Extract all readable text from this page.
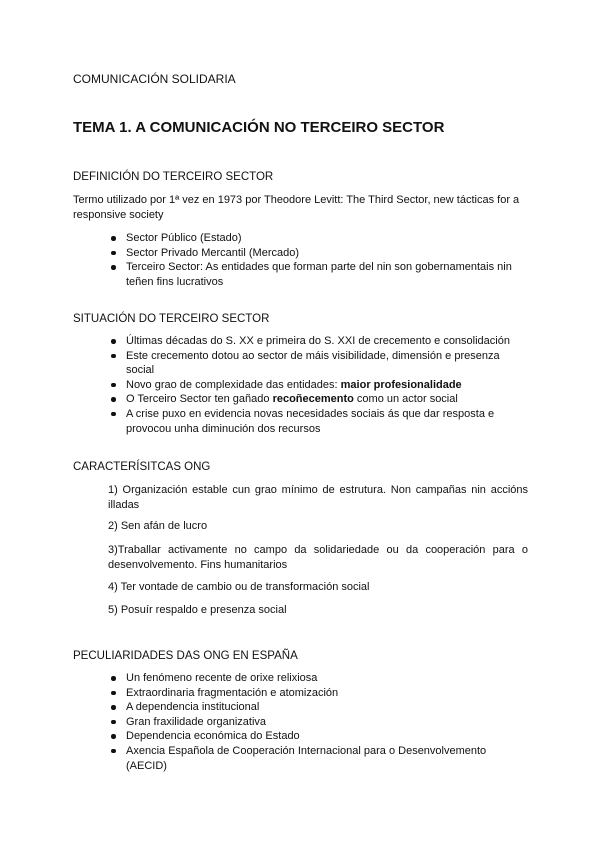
COMUNICACIÓN SOLIDARIA
TEMA 1. A COMUNICACIÓN NO TERCEIRO SECTOR
DEFINICIÓN DO TERCEIRO SECTOR
Termo utilizado por 1ª vez en 1973 por Theodore Levitt: The Third Sector, new tácticas for a responsive society
Sector Público (Estado)
Sector Privado Mercantil (Mercado)
Terceiro Sector: As entidades que forman parte del nin son gobernamentais nin teñen fins lucrativos
SITUACIÓN DO TERCEIRO SECTOR
Últimas décadas do S. XX e primeira do S. XXI de crecemento e consolidación
Este crecemento dotou ao sector de máis visibilidade, dimensión e presenza social
Novo grao de complexidade das entidades: maior profesionalidade
O Terceiro Sector ten gañado recoñecemento como un actor social
A crise puxo en evidencia novas necesidades sociais ás que dar resposta e provocou unha diminución dos recursos
CARACTERÍSITCAS ONG
1) Organización estable cun grao mínimo de estrutura. Non campañas nin accións illadas
2) Sen afán de lucro
3)Traballar activamente no campo da solidariedade ou da cooperación para o desenvolvemento. Fins humanitarios
4) Ter vontade de cambio ou de transformación social
5) Posuír respaldo e presenza social
PECULIARIDADES DAS ONG EN ESPAÑA
Un fenómeno recente de orixe relixiosa
Extraordinaria fragmentación e atomización
A dependencia institucional
Gran fraxilidade organizativa
Dependencia económica do Estado
Axencia Española de Cooperación Internacional para o Desenvolvemento (AECID)
